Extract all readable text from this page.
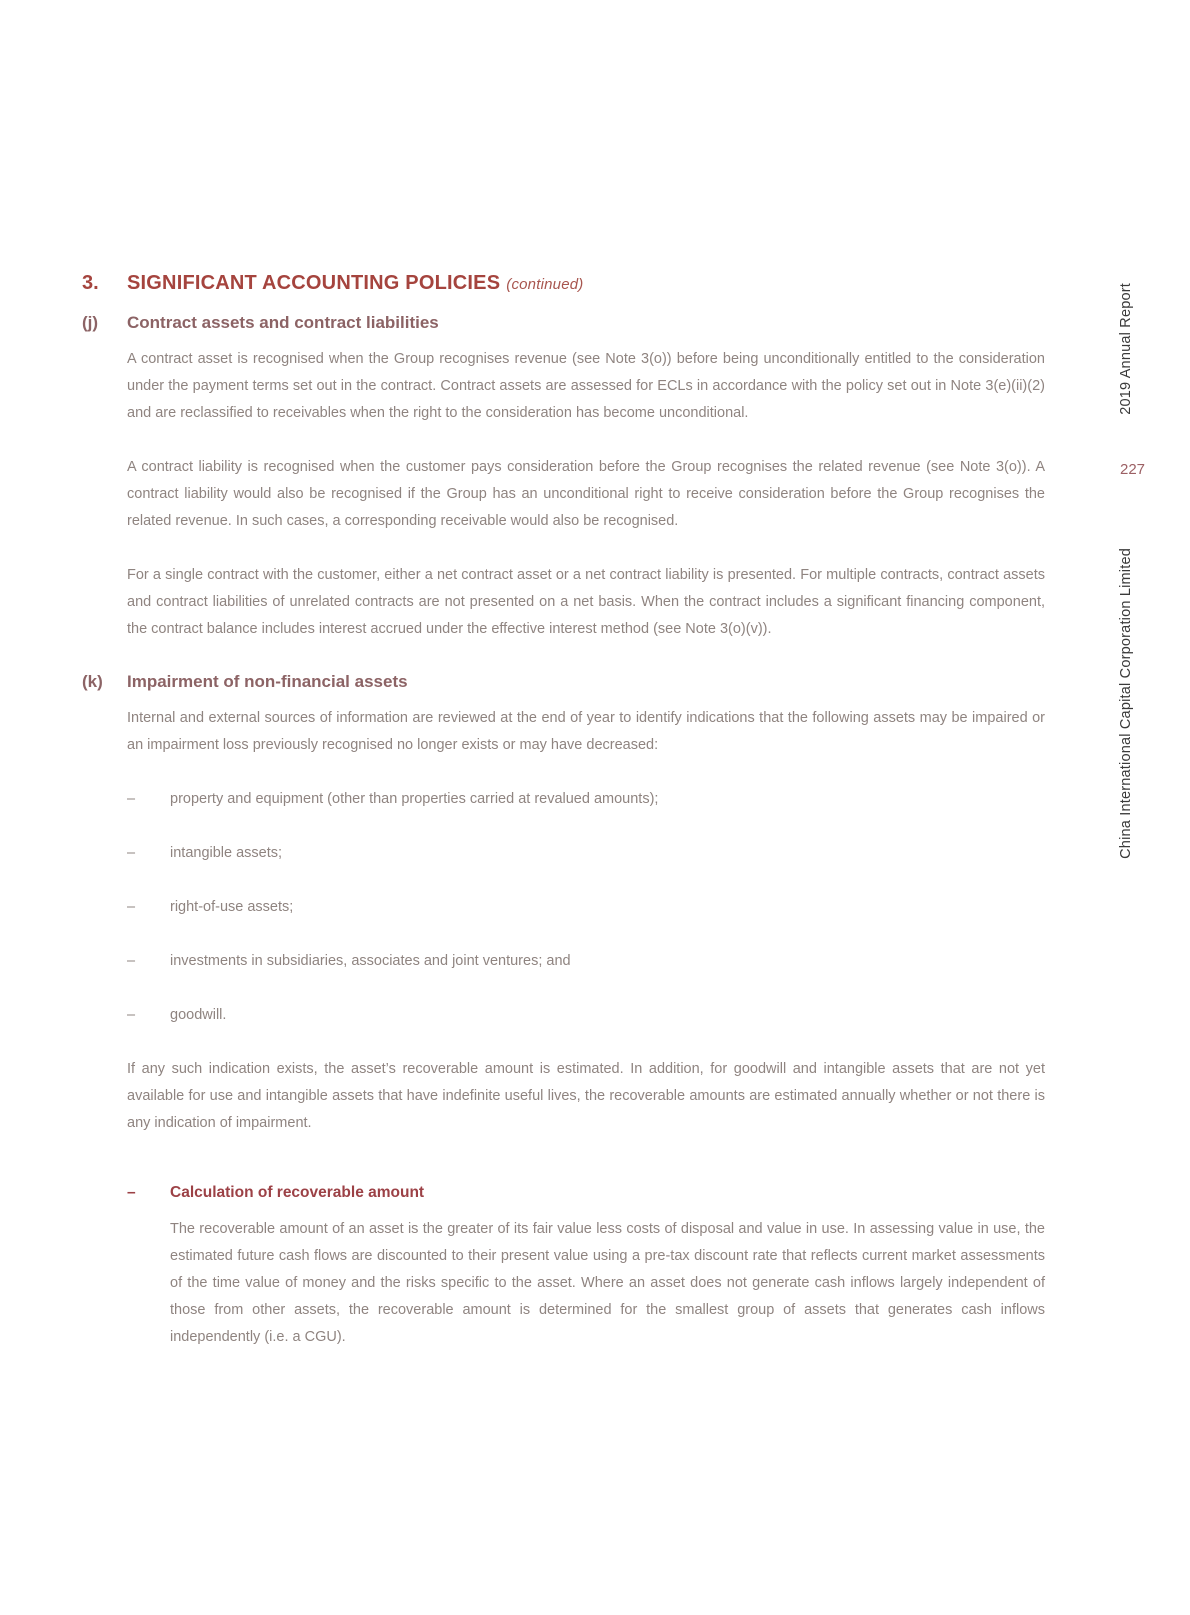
3.	SIGNIFICANT ACCOUNTING POLICIES (continued)
(j)	Contract assets and contract liabilities

A contract asset is recognised when the Group recognises revenue (see Note 3(o)) before being unconditionally entitled to the consideration under the payment terms set out in the contract. Contract assets are assessed for ECLs in accordance with the policy set out in Note 3(e)(ii)(2) and are reclassified to receivables when the right to the consideration has become unconditional.

A contract liability is recognised when the customer pays consideration before the Group recognises the related revenue (see Note 3(o)). A contract liability would also be recognised if the Group has an unconditional right to receive consideration before the Group recognises the related revenue. In such cases, a corresponding receivable would also be recognised.

For a single contract with the customer, either a net contract asset or a net contract liability is presented. For multiple contracts, contract assets and contract liabilities of unrelated contracts are not presented on a net basis. When the contract includes a significant financing component, the contract balance includes interest accrued under the effective interest method (see Note 3(o)(v)).

(k)	Impairment of non-financial assets

Internal and external sources of information are reviewed at the end of year to identify indications that the following assets may be impaired or an impairment loss previously recognised no longer exists or may have decreased:

–	property and equipment (other than properties carried at revalued amounts);
–	intangible assets;
–	right-of-use assets;
–	investments in subsidiaries, associates and joint ventures; and
–	goodwill.

If any such indication exists, the asset’s recoverable amount is estimated. In addition, for goodwill and intangible assets that are not yet available for use and intangible assets that have indefinite useful lives, the recoverable amounts are estimated annually whether or not there is any indication of impairment.

–	Calculation of recoverable amount

The recoverable amount of an asset is the greater of its fair value less costs of disposal and value in use. In assessing value in use, the estimated future cash flows are discounted to their present value using a pre-tax discount rate that reflects current market assessments of the time value of money and the risks specific to the asset. Where an asset does not generate cash inflows largely independent of those from other assets, the recoverable amount is determined for the smallest group of assets that generates cash inflows independently (i.e. a CGU).

2019 Annual Report
227
China International Capital Corporation Limited
